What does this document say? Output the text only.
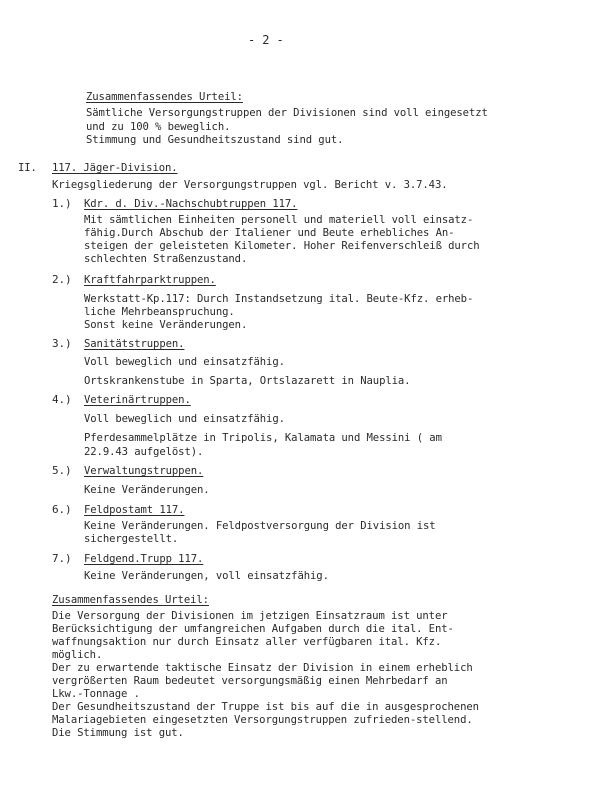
- 2 -
Zusammenfassendes Urteil:
Sämtliche Versorgungstruppen der Divisionen sind voll eingesetzt
und zu 100 % beweglich.
Stimmung und Gesundheitszustand sind gut.
II. 117. Jäger-Division.
Kriegsgliederung der Versorgungstruppen vgl. Bericht v. 3.7.43.
1.) Kdr. d. Div.-Nachschubtruppen 117.
Mit sämtlichen Einheiten personell und materiell voll einsatz-
fähig.Durch Abschub der Italiener und Beute erhebliches An-
steigen der geleisteten Kilometer. Hoher Reifenverschleiß durch
schlechten Straßenzustand.
2.) Kraftfahrparktruppen.
Werkstatt-Kp.117: Durch Instandsetzung ital. Beute-Kfz. erheb-
liche Mehrbeanspruchung.
Sonst keine Veränderungen.
3.) Sanitätstruppen.
Voll beweglich und einsatzfähig.
Ortskrankenstube in Sparta, Ortslazarett in Nauplia.
4.) Veterinärtruppen.
Voll beweglich und einsatzfähig.
Pferdesammelplätze in Tripolis, Kalamata und Messini ( am
22.9.43 aufgelöst).
5.) Verwaltungstruppen.
Keine Veränderungen.
6.) Feldpostamt 117.
Keine Veränderungen. Feldpostversorgung der Division ist
sichergestellt.
7.) Feldgend.Trupp 117.
Keine Veränderungen, voll einsatzfähig.
Zusammenfassendes Urteil:
Die Versorgung der Divisionen im jetzigen Einsatzraum ist unter
Berücksichtigung der umfangreichen Aufgaben durch die ital. Ent-
waffnungsaktion nur durch Einsatz aller verfügbaren ital. Kfz.
möglich.
Der zu erwartende taktische Einsatz der Division in einem erheblich
vergrößerten Raum bedeutet versorgungsmäßig einen Mehrbedarf an
Lkw.-Tonnage .
Der Gesundheitszustand der Truppe ist bis auf die in ausgesprochenen
Malariagebieten eingesetzten Versorgungstruppen zufrieden-stellend.
Die Stimmung ist gut.
